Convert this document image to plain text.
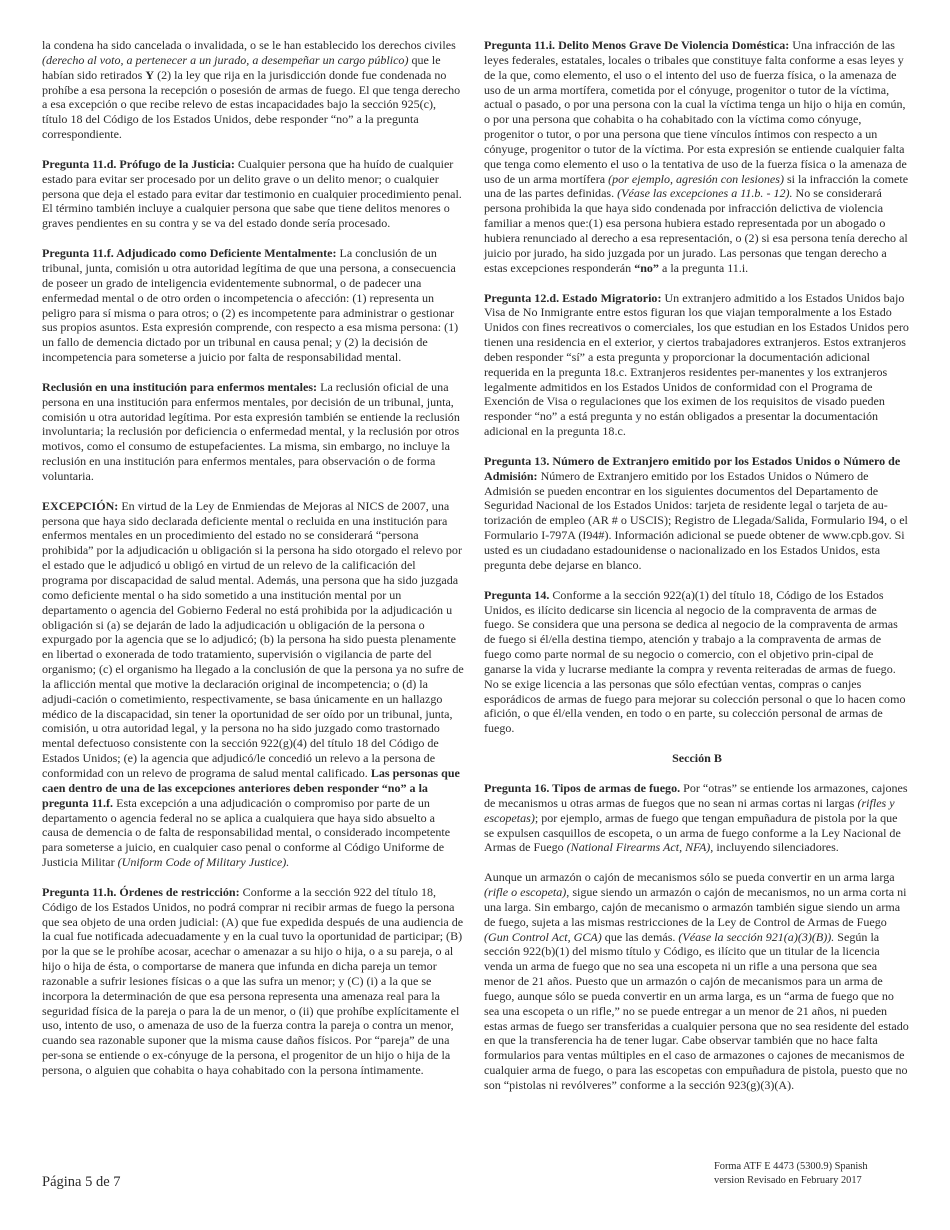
la condena ha sido cancelada o invalidada, o se le han establecido los derechos civiles (derecho al voto, a pertenecer a un jurado, a desempeñar un cargo público) que le habían sido retirados Y (2) la ley que rija en la jurisdicción donde fue condenada no prohíbe a esa persona la recepción o posesión de armas de fuego. El que tenga derecho a esa excepción o que recibe relevo de estas incapacidades bajo la sección 925(c), título 18 del Código de los Estados Unidos, debe responder “no” a la pregunta correspondiente.

Pregunta 11.d. Prófugo de la Justicia: Cualquier persona que ha huído de cualquier estado para evitar ser procesado por un delito grave o un delito menor; o cualquier persona que deja el estado para evitar dar testimonio en cualquier procedimiento penal. El término también incluye a cualquier persona que sabe que tiene delitos menores o graves pendientes en su contra y se va del estado donde sería procesado.

Pregunta 11.f. Adjudicado como Deficiente Mentalmente: La conclusión de un tribunal, junta, comisión u otra autoridad legítima de que una persona, a consecuencia de poseer un grado de inteligencia evidentemente subnormal, o de padecer una enfermedad mental o de otro orden o incompetencia o afección: (1) representa un peligro para sí misma o para otros; o (2) es incompetente para administrar o gestionar sus propios asuntos. Esta expresión comprende, con respecto a esa misma persona: (1) un fallo de demencia dictado por un tribunal en causa penal; y (2) la decisión de incompetencia para someterse a juicio por falta de responsabilidad mental.

Reclusión en una institución para enfermos mentales: La reclusión oficial de una persona en una institución para enfermos mentales, por decisión de un tribunal, junta, comisión u otra autoridad legítima. Por esta expresión también se entiende la reclusión involuntaria; la reclusión por deficiencia o enfermedad mental, y la reclusión por otros motivos, como el consumo de estupefacientes. La misma, sin embargo, no incluye la reclusión en una institución para enfermos mentales, para observación o de forma voluntaria.

EXCEPCIÓN: En virtud de la Ley de Enmiendas de Mejoras al NICS de 2007, una persona que haya sido declarada deficiente mental o recluida en una institución para enfermos mentales en un procedimiento del estado no se considerará “persona prohibida” por la adjudicación u obligación si la persona ha sido otorgado el relevo por el estado que le adjudicó u obligó en virtud de un relevo de la calificación del programa por discapacidad de salud mental. Además, una persona que ha sido juzgada como deficiente mental o ha sido sometido a una institución mental por un departamento o agencia del Gobierno Federal no está prohibida por la adjudicación u obligación si (a) se dejarán de lado la adjudicación u obligación de la persona o expurgado por la agencia que se lo adjudicó; (b) la persona ha sido puesta plenamente en libertad o exonerada de todo tratamiento, supervisión o vigilancia de parte del organismo; (c) el organismo ha llegado a la conclusión de que la persona ya no sufre de la aflicción mental que motive la declaración original de incompetencia; o (d) la adjudi-cación o cometimiento, respectivamente, se basa únicamente en un hallazgo médico de la discapacidad, sin tener la oportunidad de ser oído por un tribunal, junta, comisión, u otra autoridad legal, y la persona no ha sido juzgado como trastornado mental defectuoso consistente con la sección 922(g)(4) del título 18 del Código de Estados Unidos; (e) la agencia que adjudicó/le concedió un relevo a la persona de conformidad con un relevo de programa de salud mental calificado. Las personas que caen dentro de una de las excepciones anteriores deben responder “no” a la pregunta 11.f. Esta excepción a una adjudicación o compromiso por parte de un departamento o agencia federal no se aplica a cualquiera que haya sido absuelto a causa de demencia o de falta de responsabilidad mental, o considerado incompetente para someterse a juicio, en cualquier caso penal o conforme al Código Uniforme de Justicia Militar (Uniform Code of Military Justice).

Pregunta 11.h. Órdenes de restricción: Conforme a la sección 922 del título 18, Código de los Estados Unidos, no podrá comprar ni recibir armas de fuego la persona que sea objeto de una orden judicial: (A) que fue expedida después de una audiencia de la cual fue notificada adecuadamente y en la cual tuvo la oportunidad de participar; (B) por la que se le prohíbe acosar, acechar o amenazar a su hijo o hija, o a su pareja, o al hijo o hija de ésta, o comportarse de manera que infunda en dicha pareja un temor razonable a sufrir lesiones físicas o a que las sufra un menor; y (C) (i) a la que se incorpora la determinación de que esa persona representa una amenaza real para la seguridad física de la pareja o para la de un menor, o (ii) que prohíbe explícitamente el uso, intento de uso, o amenaza de uso de la fuerza contra la pareja o contra un menor, cuando sea razonable suponer que la misma cause daños físicos. Por “pareja” de una per-sona se entiende o ex-cónyuge de la persona, el progenitor de un hijo o hija de la persona, o alguien que cohabita o haya cohabitado con la persona íntimamente.

Pregunta 11.i. Delito Menos Grave De Violencia Doméstica: Una infracción de las leyes federales, estatales, locales o tribales que constituye falta conforme a esas leyes y de la que, como elemento, el uso o el intento del uso de fuerza física, o la amenaza de uso de un arma mortífera, cometida por el cónyuge, progenitor o tutor de la víctima, actual o pasado, o por una persona con la cual la víctima tenga un hijo o hija en común, o por una persona que cohabita o ha cohabitado con la víctima como cónyuge, progenitor o tutor, o por una persona que tiene vínculos íntimos con respecto a un cónyuge, progenitor o tutor de la víctima. Por esta expresión se entiende cualquier falta que tenga como elemento el uso o la tentativa de uso de la fuerza física o la amenaza de uso de un arma mortífera (por ejemplo, agresión con lesiones) si la infracción la comete una de las partes definidas. (Véase las excepciones a 11.b. - 12). No se considerará persona prohibida la que haya sido condenada por infracción delictiva de violencia familiar a menos que:(1) esa persona hubiera estado representada por un abogado o hubiera renunciado al derecho a esa representación, o (2) si esa persona tenía derecho al juicio por jurado, ha sido juzgada por un jurado. Las personas que tengan derecho a estas excepciones responderán “no” a la pregunta 11.i.

Pregunta 12.d. Estado Migratorio: Un extranjero admitido a los Estados Unidos bajo Visa de No Inmigrante entre estos figuran los que viajan temporalmente a los Estado Unidos con fines recreativos o comerciales, los que estudian en los Estados Unidos pero tienen una residencia en el exterior, y ciertos trabajadores extranjeros. Estos extranjeros deben responder “sí” a esta pregunta y proporcionar la documentación adicional requerida en la pregunta 18.c. Extranjeros residentes per-manentes y los extranjeros legalmente admitidos en los Estados Unidos de conformidad con el Programa de Exención de Visa o regulaciones que los eximen de los requisitos de visado pueden responder “no” a está pregunta y no están obligados a presentar la documentación adicional en la pregunta 18.c.

Pregunta 13. Número de Extranjero emitido por los Estados Unidos o Número de Admisión: Número de Extranjero emitido por los Estados Unidos o Número de Admisión se pueden encontrar en los siguientes documentos del Departamento de Seguridad Nacional de los Estados Unidos: tarjeta de residente legal o tarjeta de au-torización de empleo (AR # o USCIS); Registro de Llegada/Salida, Formulario I94, o el Formulario I-797A (I94#). Información adicional se puede obtener de www.cpb.gov. Si usted es un ciudadano estadounidense o nacionalizado en los Estados Unidos, esta pregunta debe dejarse en blanco.

Pregunta 14. Conforme a la sección 922(a)(1) del título 18, Código de los Estados Unidos, es ilícito dedicarse sin licencia al negocio de la compraventa de armas de fuego. Se considera que una persona se dedica al negocio de la compraventa de armas de fuego si él/ella destina tiempo, atención y trabajo a la compraventa de armas de fuego como parte normal de su negocio o comercio, con el objetivo prin-cipal de ganarse la vida y lucrarse mediante la compra y reventa reiteradas de armas de fuego. No se exige licencia a las personas que sólo efectúan ventas, compras o canjes esporádicos de armas de fuego para mejorar su colección personal o que lo hacen como afición, o que él/ella venden, en todo o en parte, su colección personal de armas de fuego.

Sección B

Pregunta 16. Tipos de armas de fuego. Por “otras” se entiende los armazones, cajones de mecanismos u otras armas de fuegos que no sean ni armas cortas ni largas (rifles y escopetas); por ejemplo, armas de fuego que tengan empuñadura de pistola por la que se expulsen casquillos de escopeta, o un arma de fuego conforme a la Ley Nacional de Armas de Fuego (National Firearms Act, NFA), incluyendo silenciadores.

Aunque un armazón o cajón de mecanismos sólo se pueda convertir en un arma larga (rifle o escopeta), sigue siendo un armazón o cajón de mecanismos, no un arma corta ni una larga. Sin embargo, cajón de mecanismo o armazón también sigue siendo un arma de fuego, sujeta a las mismas restricciones de la Ley de Control de Armas de Fuego (Gun Control Act, GCA) que las demás. (Véase la sección 921(a)(3)(B)). Según la sección 922(b)(1) del mismo título y Código, es ilícito que un titular de la licencia venda un arma de fuego que no sea una escopeta ni un rifle a una persona que sea menor de 21 años. Puesto que un armazón o cajón de mecanismos para un arma de fuego, aunque sólo se pueda convertir en un arma larga, es un “arma de fuego que no sea una escopeta o un rifle,” no se puede entregar a un menor de 21 años, ni pueden estas armas de fuego ser transferidas a cualquier persona que no sea residente del estado en que la transferencia ha de tener lugar. Cabe observar también que no hace falta formularios para ventas múltiples en el caso de armazones o cajones de mecanismos de cualquier arma de fuego, o para las escopetas con empuñadura de pistola, puesto que no son “pistolas ni revólveres” conforme a la sección 923(g)(3)(A).

Página 5 de 7
Forma ATF E 4473 (5300.9) Spanish
version Revisado en February 2017
